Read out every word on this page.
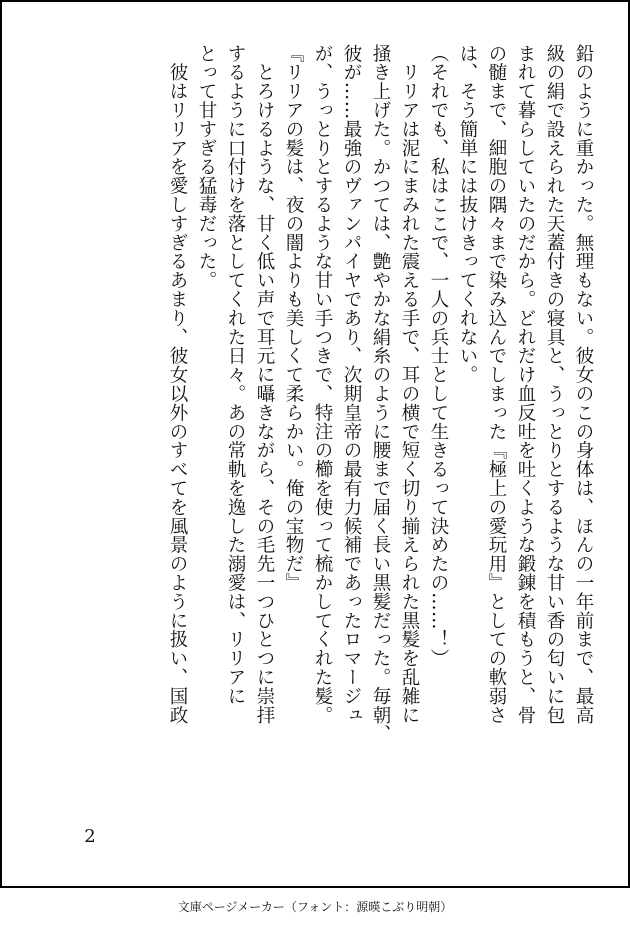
鉛のように重かった。無理もない。彼女のこの身体は、ほんの一年前まで、最高

級の絹で設えられた天蓋付きの寝具と、うっとりとするような甘い香の匂いに包

まれて暮らしていたのだから。どれだけ血反吐を吐くような鍛錬を積もうと、骨

の髄まで、細胞の隅々まで染み込んでしまった『極上の愛玩用』としての軟弱さ

は、そう簡単には抜けきってくれない。

（それでも、私はここで、一人の兵士として生きるって決めたの……！）

　リリアは泥にまみれた震える手で、耳の横で短く切り揃えられた黒髪を乱雑に

掻き上げた。かつては、艶やかな絹糸のように腰まで届く長い黒髪だった。毎朝、

彼が……最強のヴァンパイヤであり、次期皇帝の最有力候補であったロマージュ

が、うっとりとするような甘い手つきで、特注の櫛を使って梳かしてくれた髪。

『リリアの髪は、夜の闇よりも美しくて柔らかい。俺の宝物だ』

　とろけるような、甘く低い声で耳元に囁きながら、その毛先一つひとつに崇拝

するように口付けを落としてくれた日々。あの常軌を逸した溺愛は、リリアに

とって甘すぎる猛毒だった。

　彼はリリアを愛しすぎるあまり、彼女以外のすべてを風景のように扱い、国政

2
文庫ページメーカー（フォント：源暎こぶり明朝）
